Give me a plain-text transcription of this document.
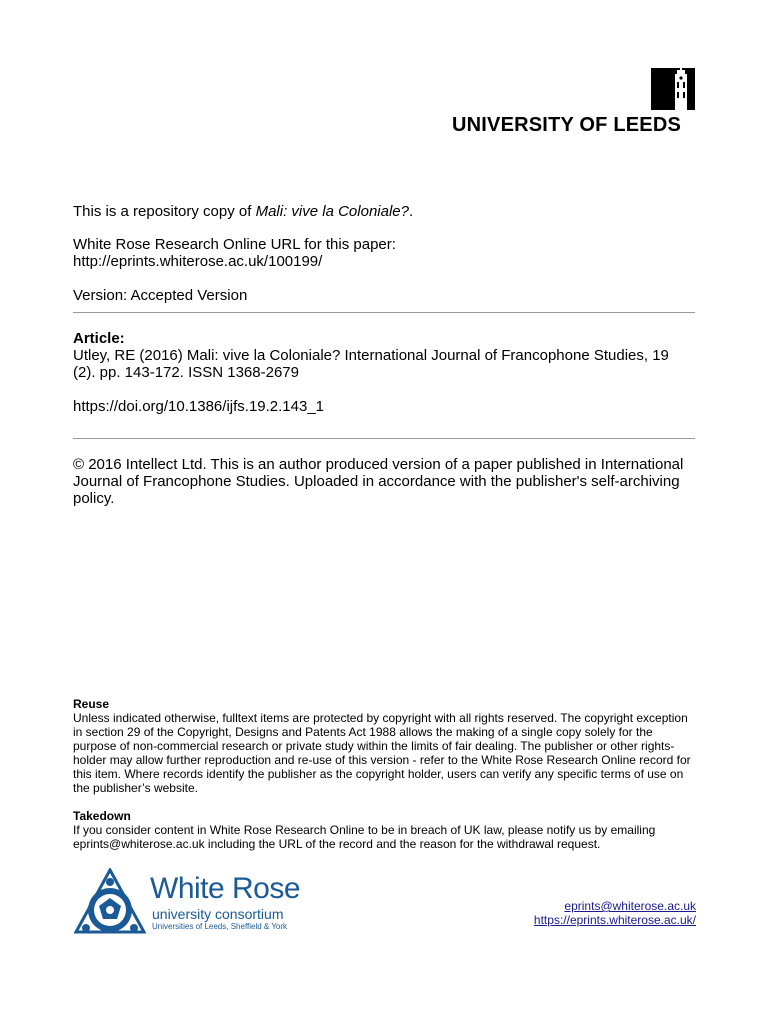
UNIVERSITY OF LEEDS
This is a repository copy of Mali: vive la Coloniale?.
White Rose Research Online URL for this paper:
http://eprints.whiterose.ac.uk/100199/
Version: Accepted Version
Article:
Utley, RE (2016) Mali: vive la Coloniale? International Journal of Francophone Studies, 19
(2). pp. 143-172. ISSN 1368-2679
https://doi.org/10.1386/ijfs.19.2.143_1
© 2016 Intellect Ltd. This is an author produced version of a paper published in International Journal of Francophone Studies. Uploaded in accordance with the publisher's self-archiving policy.
Reuse
Unless indicated otherwise, fulltext items are protected by copyright with all rights reserved. The copyright exception in section 29 of the Copyright, Designs and Patents Act 1988 allows the making of a single copy solely for the purpose of non-commercial research or private study within the limits of fair dealing. The publisher or other rights-holder may allow further reproduction and re-use of this version - refer to the White Rose Research Online record for this item. Where records identify the publisher as the copyright holder, users can verify any specific terms of use on the publisher’s website.
Takedown
If you consider content in White Rose Research Online to be in breach of UK law, please notify us by emailing eprints@whiterose.ac.uk including the URL of the record and the reason for the withdrawal request.
White Rose
university consortium
Universities of Leeds, Sheffield & York
eprints@whiterose.ac.uk
https://eprints.whiterose.ac.uk/
